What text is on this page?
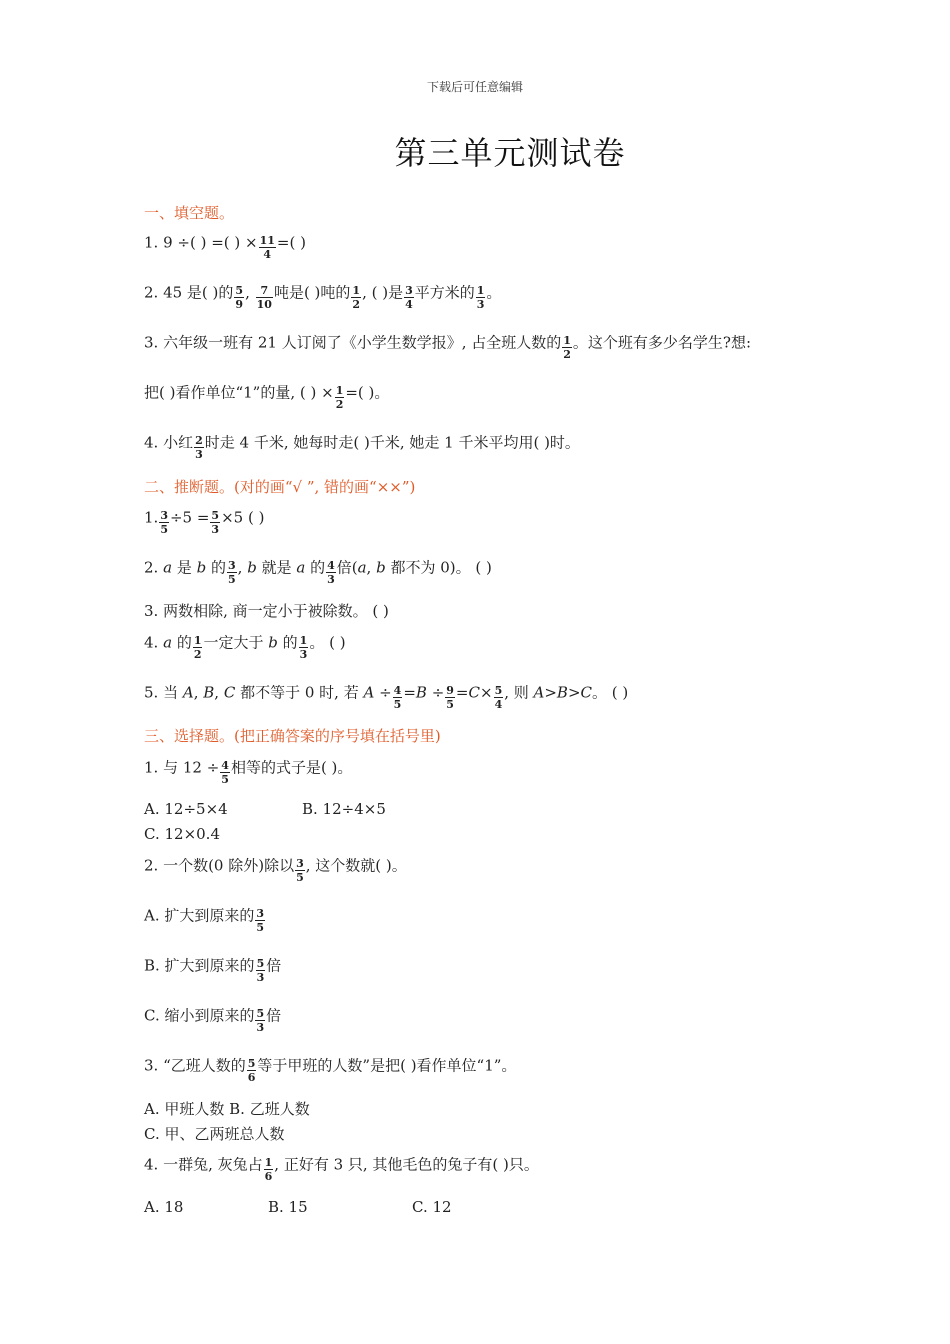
下载后可任意编辑
第三单元测试卷
一、填空题。
1. 9 ÷( ) =( ) × $\frac{11}{4}$ =( )
2. 45 是( )的 $\frac{5}{9}$ , $\frac{7}{10}$ 吨是( )吨的 $\frac{1}{2}$ , ( )是 $\frac{3}{4}$ 平方米的 $\frac{1}{3}$ 。
3. 六年级一班有 21 人订阅了《小学生数学报》, 占全班人数的 $\frac{1}{2}$ 。这个班有多少名学生?想:
把( )看作单位“1”的量, ( ) × $\frac{1}{2}$ =( )。
4. 小红 $\frac{2}{3}$ 时走 4 千米, 她每时走( )千米, 她走 1 千米平均用( )时。
二、推断题。(对的画“√ ”, 错的画“××”)
1. $\frac{3}{5} \div 5 = \frac{5}{3} \times 5$ ( )
2. a 是 b 的 $\frac{3}{5}$ , b 就是 a 的 $\frac{4}{3}$ 倍(a, b 都不为 0)。 ( )
3. 两数相除, 商一定小于被除数。 ( )
4. a 的 $\frac{1}{2}$ 一定大于 b 的 $\frac{1}{3}$ 。 ( )
5. 当 A, B, C 都不等于 0 时, 若 $A \div \frac{4}{5} =B \div \frac{9}{5} =C\times \frac{5}{4}$ , 则 A>B>C。 ( )
三、选择题。(把正确答案的序号填在括号里)
1. 与 $12 \div \frac{4}{5}$ 相等的式子是( )。
A. 12÷5×4	B. 12÷4×5
C. 12×0.4
2. 一个数(0 除外)除以 $\frac{3}{5}$ , 这个数就( )。
A. 扩大到原来的 $\frac{3}{5}$
B. 扩大到原来的 $\frac{5}{3}$ 倍
C. 缩小到原来的 $\frac{5}{3}$ 倍
3. “乙班人数的 $\frac{5}{6}$ 等于甲班的人数”是把( )看作单位“1”。
A. 甲班人数 B. 乙班人数
C. 甲、乙两班总人数
4. 一群兔, 灰兔占 $\frac{1}{6}$ , 正好有 3 只, 其他毛色的兔子有( )只。
A. 18	B. 15	C. 12
